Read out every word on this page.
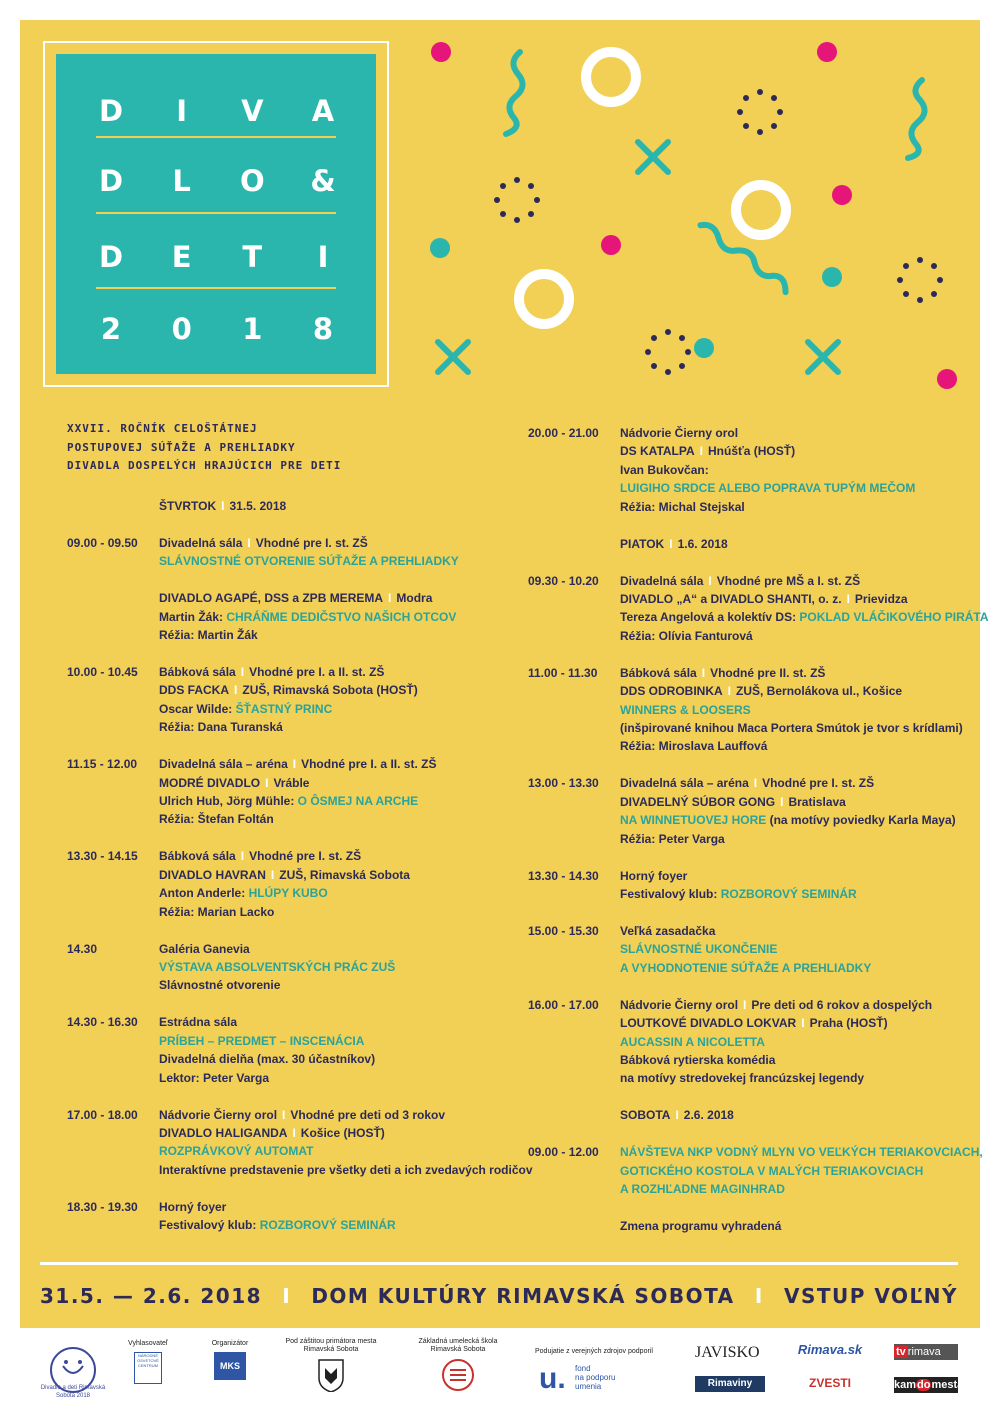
D	I	V A
D L O &
D E T	I
2 0 1 8
XXVII. ROČNÍK CELOŠTÁTNEJ
POSTUPOVEJ SÚŤAŽE A PREHLIADKY
DIVADLA DOSPELÝCH HRAJÚCICH PRE DETI
ŠTVRTOK I 31.5. 2018
09.00 - 09.50 Divadelná sála I Vhodné pre I. st. ZŠ
SLÁVNOSTNÉ OTVORENIE SÚŤAŽE A PREHLIADKY
DIVADLO AGAPÉ, DSS a ZPB MEREMA I Modra
Martin Žák: CHRÁŇME DEDIČSTVO NAŠICH OTCOV
Réžia: Martin Žák
10.00 - 10.45 Bábková sála I Vhodné pre I. a II. st. ZŠ
DDS FACKA I ZUŠ, Rimavská Sobota (HOSŤ)
Oscar Wilde: ŠŤASTNÝ PRINC
Réžia: Dana Turanská
11.15 - 12.00 Divadelná sála – aréna I Vhodné pre I. a II. st. ZŠ
MODRÉ DIVADLO I Vráble
Ulrich Hub, Jörg Mühle: O ÔSMEJ NA ARCHE
Réžia: Štefan Foltán
13.30 - 14.15 Bábková sála I Vhodné pre I. st. ZŠ
DIVADLO HAVRAN I ZUŠ, Rimavská Sobota
Anton Anderle: HLÚPY KUBO
Réžia: Marian Lacko
14.30	Galéria Ganevia
VÝSTAVA ABSOLVENTSKÝCH PRÁC ZUŠ
Slávnostné otvorenie
14.30 - 16.30 Estrádna sála
PRÍBEH – PREDMET – INSCENÁCIA
Divadelná dielňa (max. 30 účastníkov)
Lektor: Peter Varga
17.00 - 18.00 Nádvorie Čierny orol I Vhodné pre deti od 3 rokov
DIVADLO HALIGANDA I Košice (HOSŤ)
ROZPRÁVKOVÝ AUTOMAT
Interaktívne predstavenie pre všetky deti a ich zvedavých rodičov
18.30 - 19.30 Horný foyer
Festivalový klub: ROZBOROVÝ SEMINÁR
20.00 - 21.00 Nádvorie Čierny orol
DS KATALPA I Hnúšťa (HOSŤ)
Ivan Bukovčan:
LUIGIHO SRDCE ALEBO POPRAVA TUPÝM MEČOM
Réžia: Michal Stejskal
PIATOK I 1.6. 2018
09.30 - 10.20 Divadelná sála I Vhodné pre MŠ a I. st. ZŠ
DIVADLO „A“ a DIVADLO SHANTI, o. z. I Prievidza
Tereza Angelová a kolektív DS: POKLAD VLÁČIKOVÉHO PIRÁTA
Réžia: Olívia Fanturová
11.00 - 11.30 Bábková sála I Vhodné pre II. st. ZŠ
DDS ODROBINKA I ZUŠ, Bernolákova ul., Košice
WINNERS & LOOSERS
(inšpirované knihou Maca Portera Smútok je tvor s krídlami)
Réžia: Miroslava Lauffová
13.00 - 13.30 Divadelná sála – aréna I Vhodné pre I. st. ZŠ
DIVADELNÝ SÚBOR GONG I Bratislava
NA WINNETUOVEJ HORE (na motívy poviedky Karla Maya)
Réžia: Peter Varga
13.30 - 14.30 Horný foyer
Festivalový klub: ROZBOROVÝ SEMINÁR
15.00 - 15.30 Veľká zasadačka
SLÁVNOSTNÉ UKONČENIE
A VYHODNOTENIE SÚŤAŽE A PREHLIADKY
16.00 - 17.00 Nádvorie Čierny orol I Pre deti od 6 rokov a dospelých
LOUTKOVÉ DIVADLO LOKVAR I Praha (HOSŤ)
AUCASSIN A NICOLETTA
Bábková rytierska komédia
na motívy stredovekej francúzskej legendy
SOBOTA I 2.6. 2018
09.00 - 12.00 NÁVŠTEVA NKP VODNÝ MLYN VO VEĽKÝCH TERIAKOVCIACH,
GOTICKÉHO KOSTOLA V MALÝCH TERIAKOVCIACH
A ROZHĽADNE MAGINHRAD
Zmena programu vyhradená
31.5. — 2.6. 2018 I DOM KULTÚRY RIMAVSKÁ SOBOTA I VSTUP VOĽNÝ
Divadlo a deti Rimavská Sobota 2018
Vyhlasovateľ
NÁRODNÉ OSVETOVÉ CENTRUM
Organizátor
MKS
Pod záštitou primátora mesta
Rimavská Sobota
Základná umelecká škola
Rimavská Sobota	Podujatie z verejných zdrojov podporil
u. fond
na podporu
umenia
JAVISKO
Rimaviny
Rimava.sk
ZVESTI
tv rimava
kamdomesta
